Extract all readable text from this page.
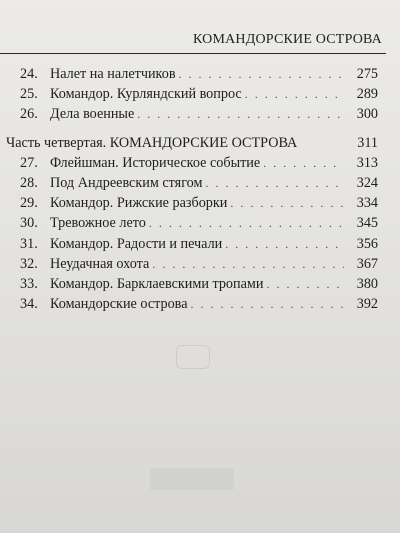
КОМАНДОРСКИЕ ОСТРОВА
24. Налет на налетчиков . . .	275
25. Командор. Курляндский вопрос . . .	289
26. Дела военные . . .	300
Часть четвертая. КОМАНДОРСКИЕ ОСТРОВА	311
27. Флейшман. Историческое событие . . .	313
28. Под Андреевским стягом . . .	324
29. Командор. Рижские разборки . . .	334
30. Тревожное лето . . .	345
31. Командор. Радости и печали . . .	356
32. Неудачная охота . . .	367
33. Командор. Барклаевскими тропами . . .	380
34. Командорские острова . . .	392
